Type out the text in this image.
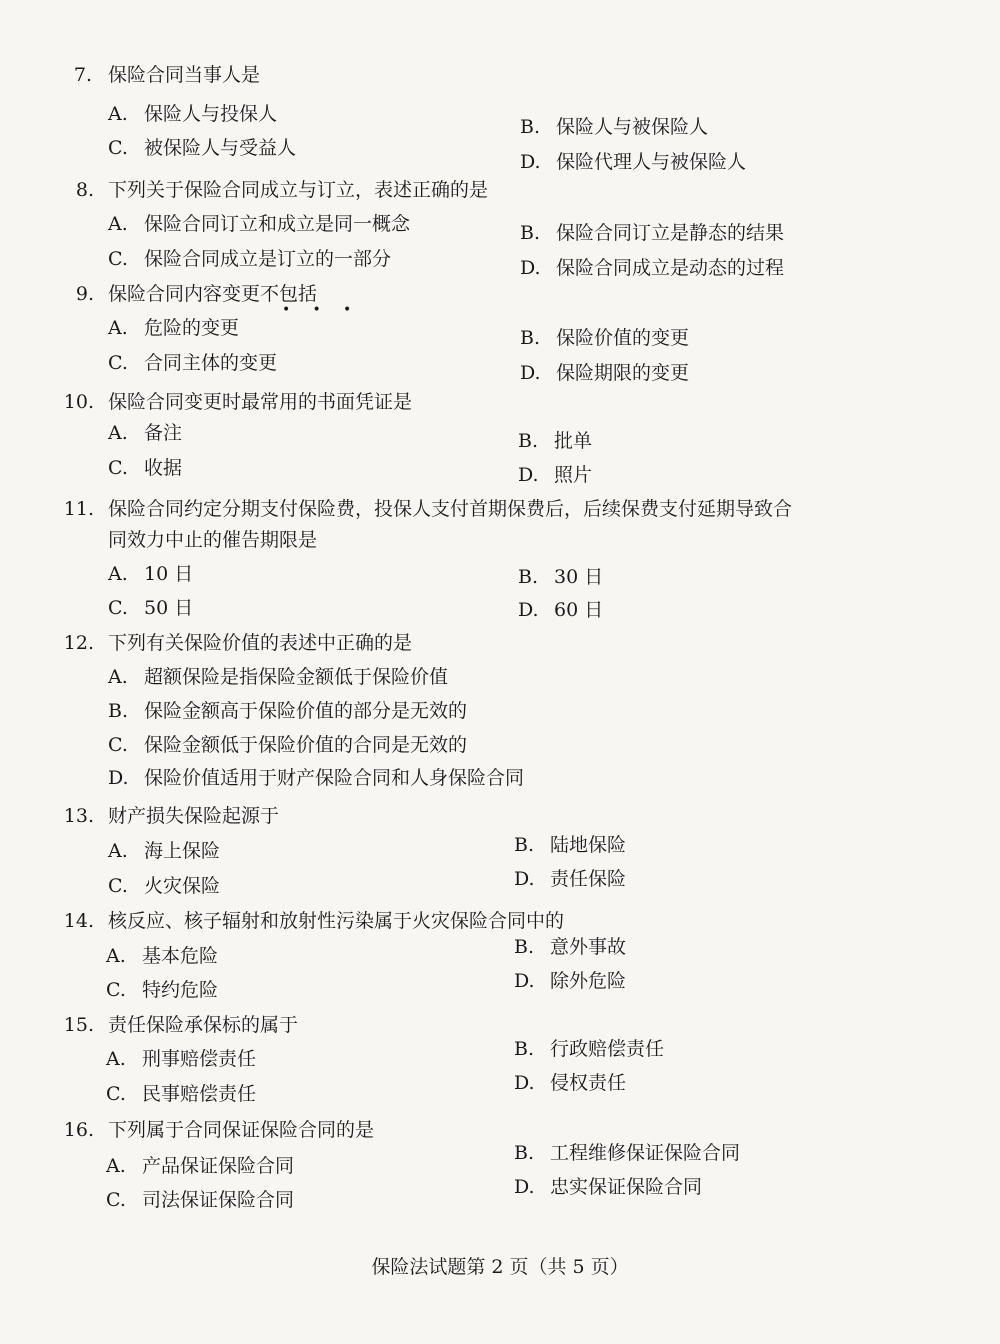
7. 保险合同当事人是
A. 保险人与投保人
B. 保险人与被保险人
C. 被保险人与受益人
D. 保险代理人与被保险人
8. 下列关于保险合同成立与订立，表述正确的是
A. 保险合同订立和成立是同一概念	B. 保险合同订立是静态的结果
C. 保险合同成立是订立的一部分	D. 保险合同成立是动态的过程
9. 保险合同内容变更不包括
•     •     •
A. 危险的变更	B. 保险价值的变更
C. 合同主体的变更	D. 保险期限的变更
10. 保险合同变更时最常用的书面凭证是
A. 备注	B. 批单
C. 收据	D. 照片
11. 保险合同约定分期支付保险费，投保人支付首期保费后，后续保费支付延期导致合
同效力中止的催告期限是
A. 10 日	B. 30 日
C. 50 日	D. 60 日
12. 下列有关保险价值的表述中正确的是
A. 超额保险是指保险金额低于保险价值
B. 保险金额高于保险价值的部分是无效的
C. 保险金额低于保险价值的合同是无效的
D. 保险价值适用于财产保险合同和人身保险合同
13. 财产损失保险起源于
A. 海上保险	B. 陆地保险
C. 火灾保险	D. 责任保险
14. 核反应、核子辐射和放射性污染属于火灾保险合同中的
A. 基本危险	B. 意外事故
C. 特约危险	D. 除外危险
15. 责任保险承保标的属于
A. 刑事赔偿责任	B. 行政赔偿责任
C. 民事赔偿责任	D. 侵权责任
16. 下列属于合同保证保险合同的是
A. 产品保证保险合同
B. 工程维修保证保险合同
C. 司法保证保险合同
D. 忠实保证保险合同
保险法试题第 2 页（共 5 页）
